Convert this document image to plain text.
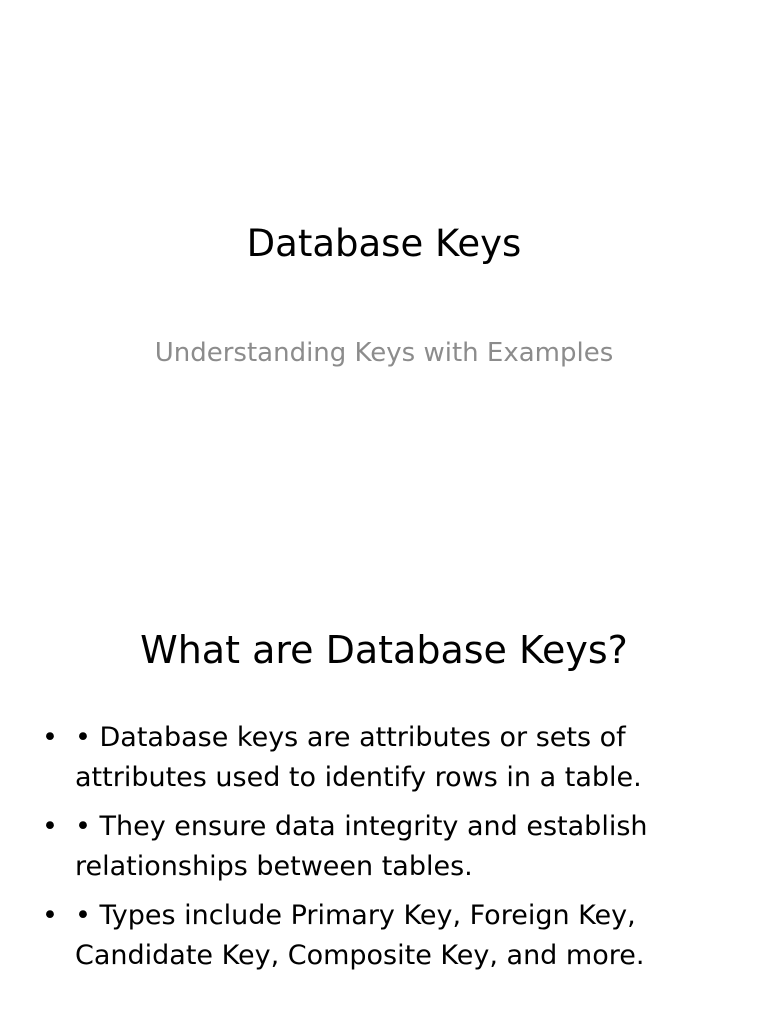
Database Keys

Understanding Keys with Examples

What are Database Keys?
• • Database keys are attributes or sets of attributes used to identify rows in a table.
• • They ensure data integrity and establish relationships between tables.
• • Types include Primary Key, Foreign Key, Candidate Key, Composite Key, and more.
